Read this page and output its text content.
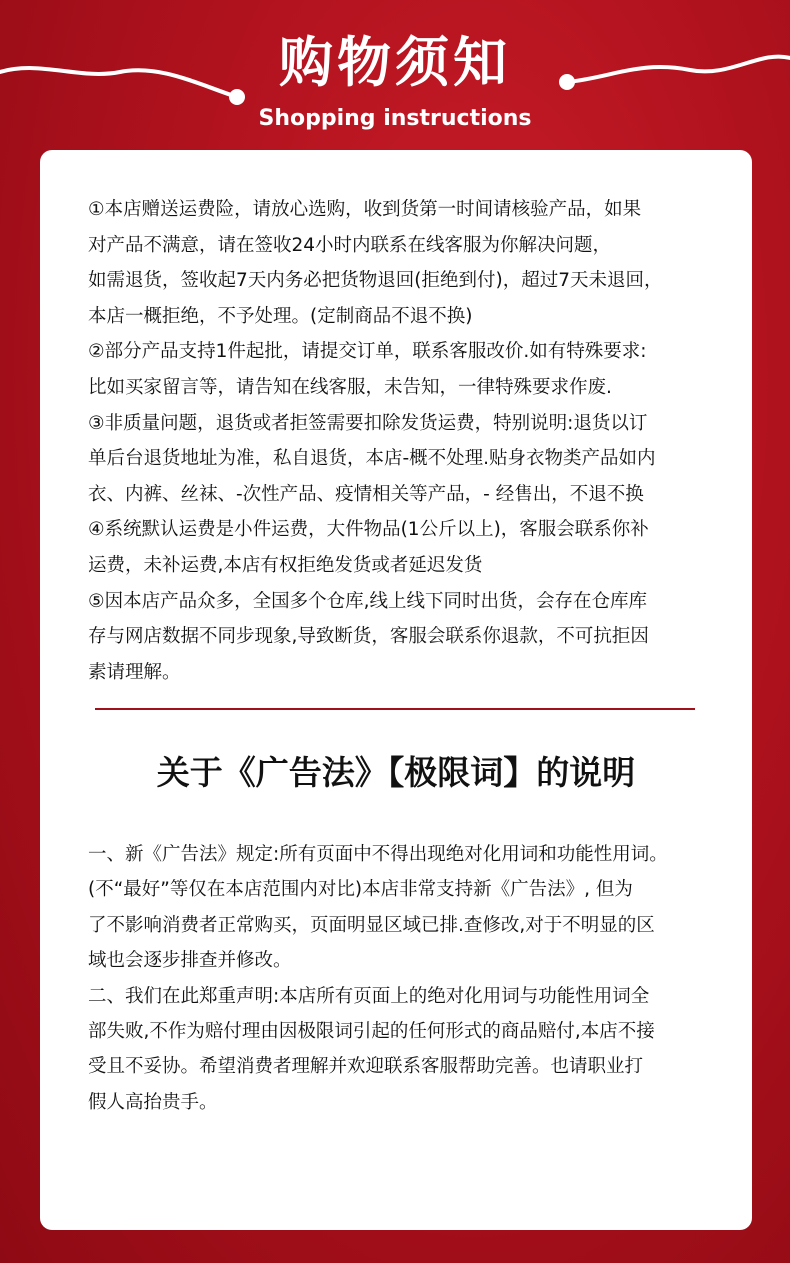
购物须知
Shopping instructions
①本店赠送运费险，请放心选购，收到货第一时间请核验产品，如果
对产品不满意，请在签收24小时内联系在线客服为你解决问题，
如需退货，签收起7天内务必把货物退回(拒绝到付)，超过7天未退回，
本店一概拒绝，不予处理。(定制商品不退不换)
②部分产品支持1件起批，请提交订单，联系客服改价.如有特殊要求:
比如买家留言等，请告知在线客服，未告知，一律特殊要求作废.
③非质量问题，退货或者拒签需要扣除发货运费，特别说明:退货以订
单后台退货地址为准，私自退货，本店-概不处理.贴身衣物类产品如内
衣、内裤、丝袜、-次性产品、疫情相关等产品，- 经售出，不退不换
④系统默认运费是小件运费，大件物品(1公斤以上)，客服会联系你补
运费，未补运费,本店有权拒绝发货或者延迟发货
⑤因本店产品众多，全国多个仓库,线上线下同时出货，会存在仓库库
存与网店数据不同步现象,导致断货，客服会联系你退款，不可抗拒因
素请理解。
关于《广告法》【极限词】的说明
一、新《广告法》规定:所有页面中不得出现绝对化用词和功能性用词。
(不“最好”等仅在本店范围内对比)本店非常支持新《广告法》, 但为
了不影响消费者正常购买，页面明显区域已排.查修改,对于不明显的区
域也会逐步排查并修改。
二、我们在此郑重声明:本店所有页面上的绝对化用词与功能性用词全
部失败,不作为赔付理由因极限词引起的任何形式的商品赔付,本店不接
受且不妥协。希望消费者理解并欢迎联系客服帮助完善。也请职业打
假人高抬贵手。
